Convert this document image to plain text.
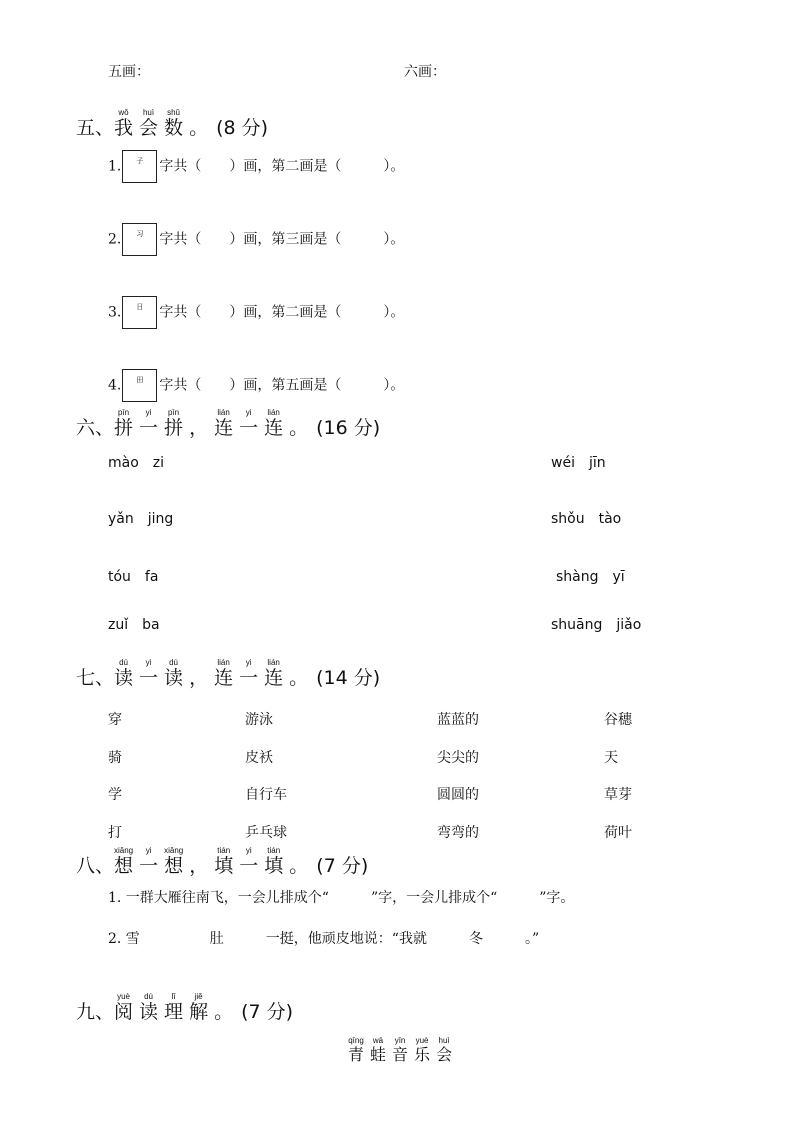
五画：	六画：
五、我wǒ会huì数shǔ。 (8 分)
1.	子	字共（　　）画，第二画是（　　　）。
2.	习	字共（　　）画，第三画是（　　　）。
3.	日	字共（　　）画，第二画是（　　　）。
4.	田	字共（　　）画，第五画是（　　　）。
六、拼pīn一yi拼pīn， 连lián一yi连lián。 (16 分)
mào　zi	wéi　jīn
yǎn　jing	shǒu　tào
tóu　fa	shàng　yī
zuǐ　ba	shuāng　jiǎo
七、读dú一yi读dú， 连lián一yi连lián。 (14 分)
穿	游泳	蓝蓝的	谷穗
骑	皮袄	尖尖的	天
学	自行车	圆圆的	草芽
打	乒乓球	弯弯的	荷叶
八、想xiǎng一yi想xiǎng， 填tián一yi填tián。 (7 分)
1. 一群大雁往南飞，一会儿排成个“　　　”字，一会儿排成个“　　　”字。
2. 雪　　　　　肚　　　一挺，他顽皮地说：“我就　　　冬　　　。”
九、阅yuè读dú理lǐ解jiě。 (7 分)
青qīng蛙wā音yīn乐yuè会huì
